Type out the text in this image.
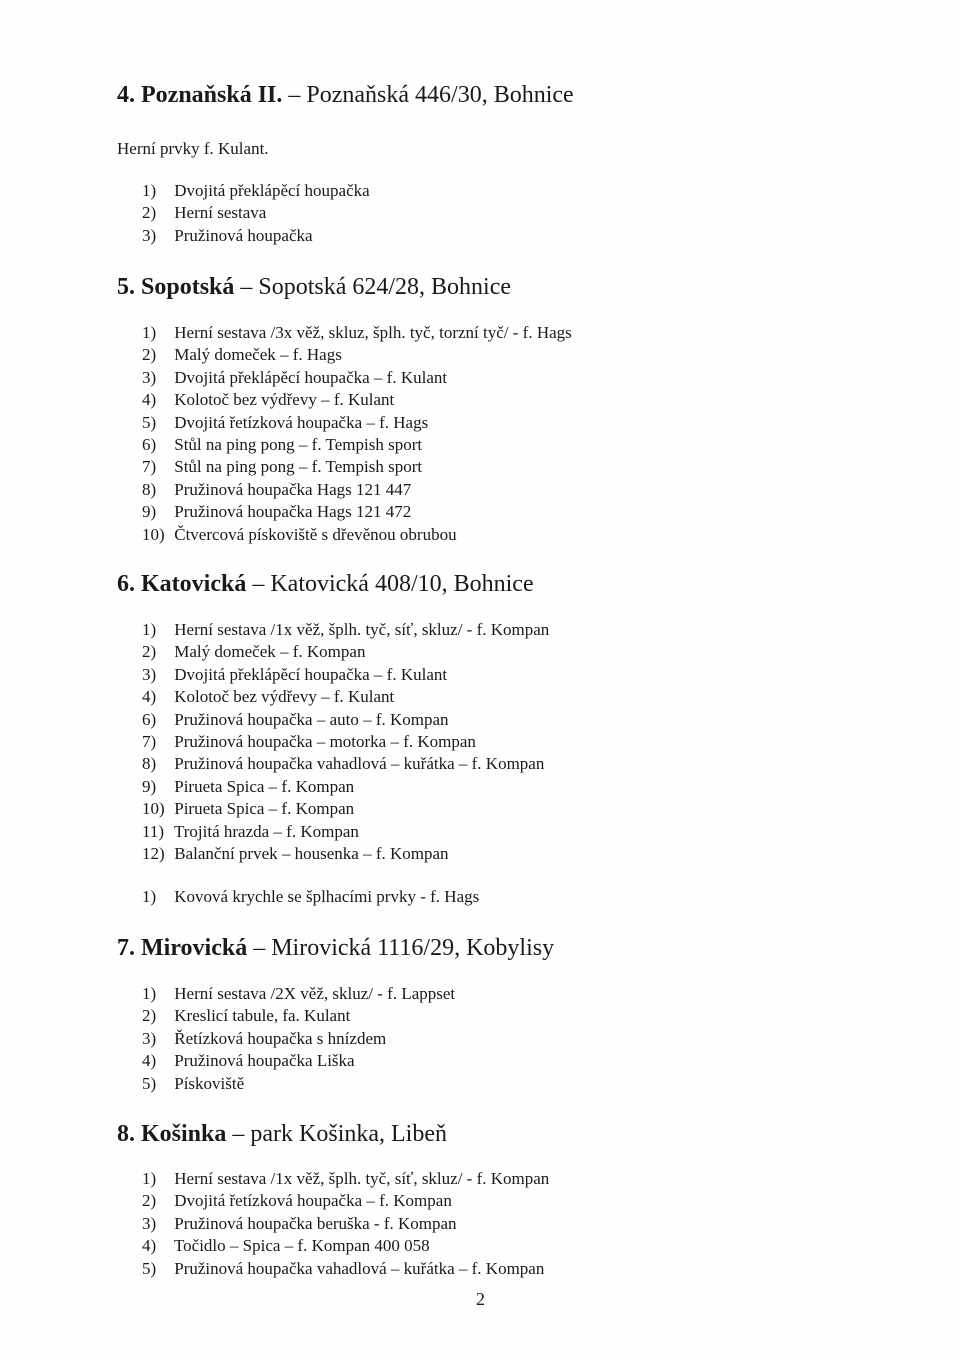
4. Poznaňská II. – Poznaňská 446/30, Bohnice
Herní prvky f. Kulant.
1) Dvojitá překlápěcí houpačka
2) Herní sestava
3) Pružinová houpačka
5. Sopotská – Sopotská 624/28, Bohnice
1) Herní sestava /3x věž, skluz, šplh. tyč, torzní tyč/ - f. Hags
2) Malý domeček – f. Hags
3) Dvojitá překlápěcí houpačka – f. Kulant
4) Kolotoč bez výdřevy – f. Kulant
5) Dvojitá řetízková houpačka – f. Hags
6) Stůl na ping pong – f. Tempish sport
7) Stůl na ping pong – f. Tempish sport
8) Pružinová houpačka Hags 121 447
9) Pružinová houpačka Hags 121 472
10) Čtvercová pískoviště s dřevěnou obrubou
6. Katovická – Katovická 408/10, Bohnice
1) Herní sestava /1x věž, šplh. tyč, síť, skluz/ - f. Kompan
2) Malý domeček – f. Kompan
3) Dvojitá překlápěcí houpačka – f. Kulant
4) Kolotoč bez výdřevy – f. Kulant
6) Pružinová houpačka – auto – f. Kompan
7) Pružinová houpačka – motorka – f. Kompan
8) Pružinová houpačka vahadlová – kuřátka – f. Kompan
9) Pirueta Spica – f. Kompan
10) Pirueta Spica – f. Kompan
11) Trojitá hrazda – f. Kompan
12) Balanční prvek – housenka – f. Kompan
1) Kovová krychle se šplhacími prvky - f. Hags
7. Mirovická – Mirovická 1116/29, Kobylisy
1) Herní sestava /2X věž, skluz/ - f. Lappset
2) Kreslicí tabule, fa. Kulant
3) Řetízková houpačka s hnízdem
4) Pružinová houpačka Liška
5) Pískoviště
8. Košinka – park Košinka, Libeň
1) Herní sestava /1x věž, šplh. tyč, síť, skluz/ - f. Kompan
2) Dvojitá řetízková houpačka – f. Kompan
3) Pružinová houpačka beruška - f. Kompan
4) Točidlo – Spica – f. Kompan 400 058
5) Pružinová houpačka vahadlová – kuřátka – f. Kompan
2
